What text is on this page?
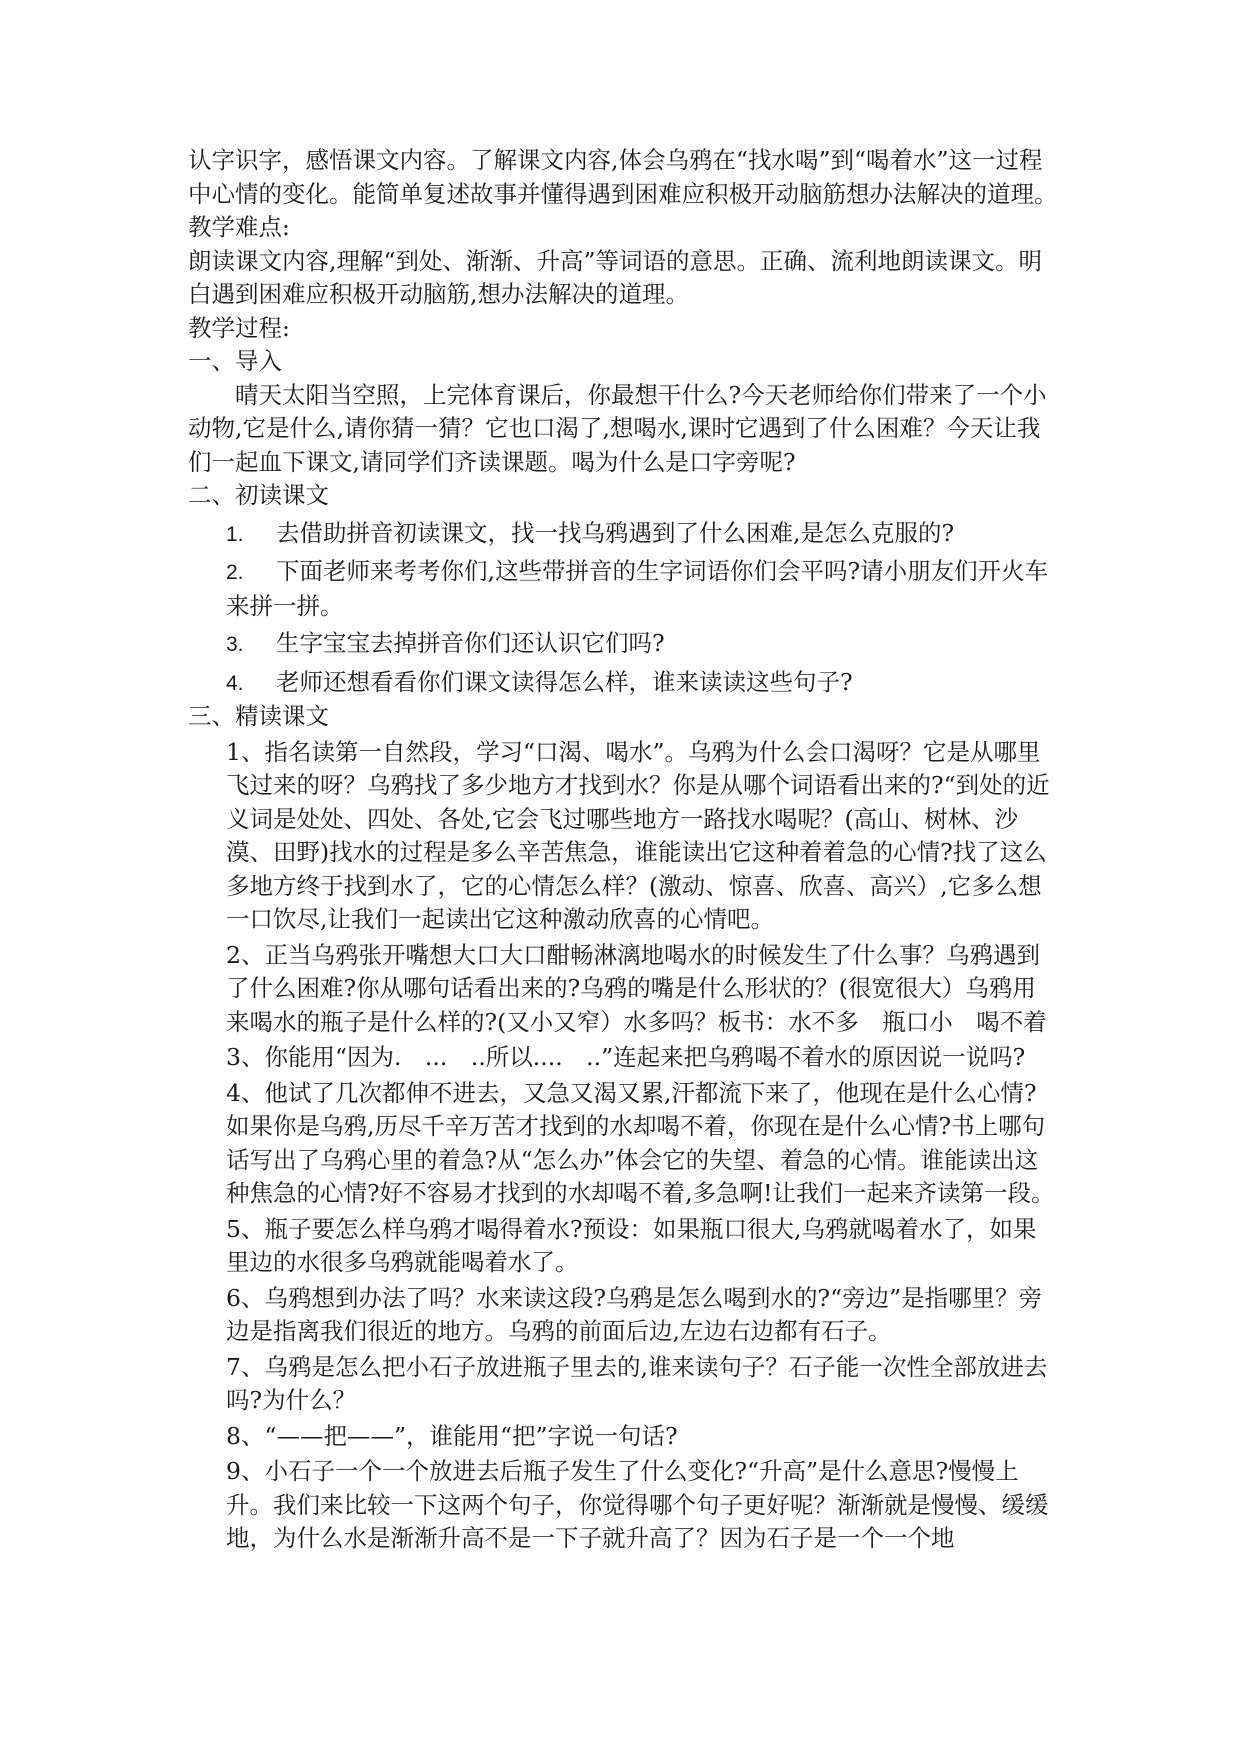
认字识字，感悟课文内容。了解课文内容,体会乌鸦在“找水喝”到“喝着水”这一过程中心情的变化。能简单复述故事并懂得遇到困难应积极开动脑筋想办法解决的道理。

教学难点:

朗读课文内容,理解“到处、渐渐、升高”等词语的意思。正确、流利地朗读课文。明白遇到困难应积极开动脑筋,想办法解决的道理。

教学过程:

一、导入

晴天太阳当空照，上完体育课后，你最想干什么?今天老师给你们带来了一个小动物,它是什么,请你猜一猜？它也口渴了,想喝水,课时它遇到了什么困难？今天让我们一起血下课文,请同学们齐读课题。喝为什么是口字旁呢?

二、初读课文

1. 去借助拼音初读课文，找一找乌鸦遇到了什么困难,是怎么克服的?

2. 下面老师来考考你们,这些带拼音的生字词语你们会平吗?请小朋友们开火车来拼一拼。

3. 生字宝宝去掉拼音你们还认识它们吗?

4. 老师还想看看你们课文读得怎么样，谁来读读这些句子?

三、精读课文

1、指名读第一自然段，学习“口渴、喝水”。乌鸦为什么会口渴呀？它是从哪里飞过来的呀？乌鸦找了多少地方才找到水？你是从哪个词语看出来的?“到处的近义词是处处、四处、各处,它会飞过哪些地方一路找水喝呢？(高山、树林、沙漠、田野)找水的过程是多么辛苦焦急，谁能读出它这种着着急的心情?找了这么多地方终于找到水了，它的心情怎么样？(激动、惊喜、欣喜、高兴）,它多么想一口饮尽,让我们一起读出它这种激动欣喜的心情吧。

2、正当乌鸦张开嘴想大口大口酣畅淋漓地喝水的时候发生了什么事？乌鸦遇到了什么困难?你从哪句话看出来的?乌鸦的嘴是什么形状的？(很宽很大）乌鸦用来喝水的瓶子是什么样的?(又小又窄）水多吗？板书：水不多　瓶口小　喝不着

3、你能用“因为.　...　..所以....　..”连起来把乌鸦喝不着水的原因说一说吗?

4、他试了几次都伸不进去，又急又渴又累,汗都流下来了，他现在是什么心情?如果你是乌鸦,历尽千辛万苦才找到的水却喝不着，你现在是什么心情?书上哪句话写出了乌鸦心里的着急?从“怎么办”体会它的失望、着急的心情。谁能读出这种焦急的心情?好不容易才找到的水却喝不着,多急啊!让我们一起来齐读第一段。

5、瓶子要怎么样乌鸦才喝得着水?预设：如果瓶口很大,乌鸦就喝着水了，如果里边的水很多乌鸦就能喝着水了。

6、乌鸦想到办法了吗？水来读这段?乌鸦是怎么喝到水的?“旁边”是指哪里？旁边是指离我们很近的地方。乌鸦的前面后边,左边右边都有石子。

7、乌鸦是怎么把小石子放进瓶子里去的,谁来读句子？石子能一次性全部放进去吗?为什么？

8、“——把——”，谁能用“把”字说一句话?

9、小石子一个一个放进去后瓶子发生了什么变化?“升高”是什么意思?慢慢上升。我们来比较一下这两个句子，你觉得哪个句子更好呢？渐渐就是慢慢、缓缓地，为什么水是渐渐升高不是一下子就升高了？因为石子是一个一个地
